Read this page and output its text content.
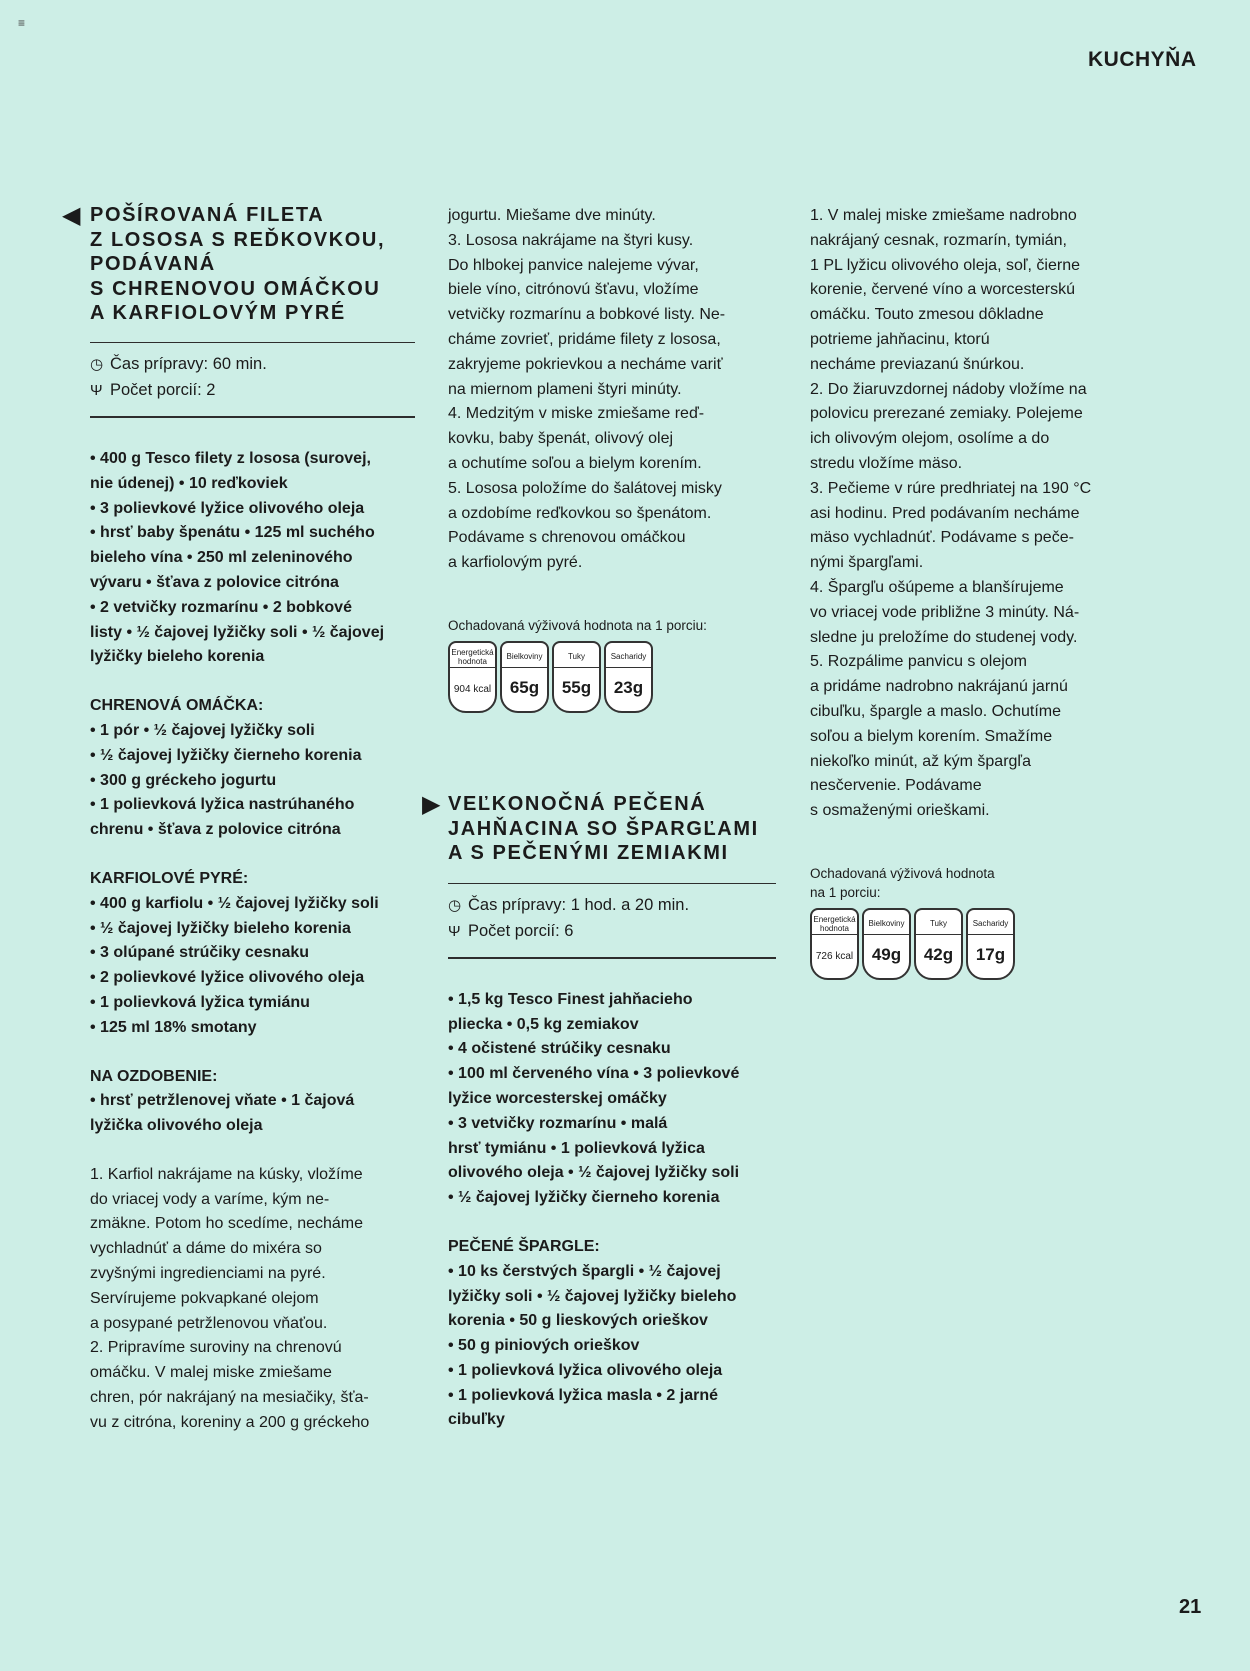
≡
KUCHYŇA
◀ POŠÍROVANÁ FILETA
Z LOSOSA S REĎKOVKOU,
PODÁVANÁ
S CHRENOVOU OMÁČKOU
A KARFIOLOVÝM PYRÉ
◷ Čas prípravy: 60 min.
Ψ Počet porcií: 2
• 400 g Tesco filety z lososa (surovej,
nie údenej) • 10 reďkoviek
• 3 polievkové lyžice olivového oleja
• hrsť baby špenátu • 125 ml suchého
bieleho vína • 250 ml zeleninového
vývaru • šťava z polovice citróna
• 2 vetvičky rozmarínu • 2 bobkové
listy • ½ čajovej lyžičky soli • ½ čajovej
lyžičky bieleho korenia
CHRENOVÁ OMÁČKA:
• 1 pór • ½ čajovej lyžičky soli
• ½ čajovej lyžičky čierneho korenia
• 300 g gréckeho jogurtu
• 1 polievková lyžica nastrúhaného
chrenu • šťava z polovice citróna
KARFIOLOVÉ PYRÉ:
• 400 g karfiolu • ½ čajovej lyžičky soli
• ½ čajovej lyžičky bieleho korenia
• 3 olúpané strúčiky cesnaku
• 2 polievkové lyžice olivového oleja
• 1 polievková lyžica tymiánu
• 125 ml 18% smotany
NA OZDOBENIE:
• hrsť petržlenovej vňate • 1 čajová
lyžička olivového oleja
1. Karfiol nakrájame na kúsky, vložíme
do vriacej vody a varíme, kým ne-
zmäkne. Potom ho scedíme, necháme
vychladnúť a dáme do mixéra so
zvyšnými ingredienciami na pyré.
Servírujeme pokvapkané olejom
a posypané petržlenovou vňaťou.
2. Pripravíme suroviny na chrenovú
omáčku. V malej miske zmiešame
chren, pór nakrájaný na mesiačiky, šťa-
vu z citróna, koreniny a 200 g gréckeho
jogurtu. Miešame dve minúty.
3. Lososa nakrájame na štyri kusy.
Do hlbokej panvice nalejeme vývar,
biele víno, citrónovú šťavu, vložíme
vetvičky rozmarínu a bobkové listy. Ne-
cháme zovrieť, pridáme filety z lososa,
zakryjeme pokrievkou a necháme variť
na miernom plameni štyri minúty.
4. Medzitým v miske zmiešame reď-
kovku, baby špenát, olivový olej
a ochutíme soľou a bielym korením.
5. Lososa položíme do šalátovej misky
a ozdobíme reďkovkou so špenátom.
Podávame s chrenovou omáčkou
a karfiolovým pyré.
Ochadovaná výživová hodnota na 1 porciu:
Energetická hodnota
904 kcal
Bielkoviny
65g
Tuky
55g
Sacharidy
23g
▶ VEĽKONOČNÁ PEČENÁ
JAHŇACINA SO ŠPARGĽAMI
A S PEČENÝMI ZEMIAKMI
◷ Čas prípravy: 1 hod. a 20 min.
Ψ Počet porcií: 6
• 1,5 kg Tesco Finest jahňacieho
pliecka • 0,5 kg zemiakov
• 4 očistené strúčiky cesnaku
• 100 ml červeného vína • 3 polievkové
lyžice worcesterskej omáčky
• 3 vetvičky rozmarínu • malá
hrsť tymiánu • 1 polievková lyžica
olivového oleja • ½ čajovej lyžičky soli
• ½ čajovej lyžičky čierneho korenia
PEČENÉ ŠPARGLE:
• 10 ks čerstvých špargli • ½ čajovej
lyžičky soli • ½ čajovej lyžičky bieleho
korenia • 50 g lieskových orieškov
• 50 g piniových orieškov
• 1 polievková lyžica olivového oleja
• 1 polievková lyžica masla • 2 jarné
cibuľky
1. V malej miske zmiešame nadrobno
nakrájaný cesnak, rozmarín, tymián,
1 PL lyžicu olivového oleja, soľ, čierne
korenie, červené víno a worcesterskú
omáčku. Touto zmesou dôkladne
potrieme jahňacinu, ktorú
necháme previazanú šnúrkou.
2. Do žiaruvzdornej nádoby vložíme na
polovicu prerezané zemiaky. Polejeme
ich olivovým olejom, osolíme a do
stredu vložíme mäso.
3. Pečieme v rúre predhriatej na 190 °C
asi hodinu. Pred podávaním necháme
mäso vychladnúť. Podávame s peče-
nými špargľami.
4. Špargľu ošúpeme a blanšírujeme
vo vriacej vode približne 3 minúty. Ná-
sledne ju preložíme do studenej vody.
5. Rozpálime panvicu s olejom
a pridáme nadrobno nakrájanú jarnú
cibuľku, špargle a maslo. Ochutíme
soľou a bielym korením. Smažíme
niekoľko minút, až kým špargľa
nesčervenie. Podávame
s osmaženými orieškami.
Ochadovaná výživová hodnota
na 1 porciu:
Energetická hodnota
726 kcal
Bielkoviny
49g
Tuky
42g
Sacharidy
17g
21
